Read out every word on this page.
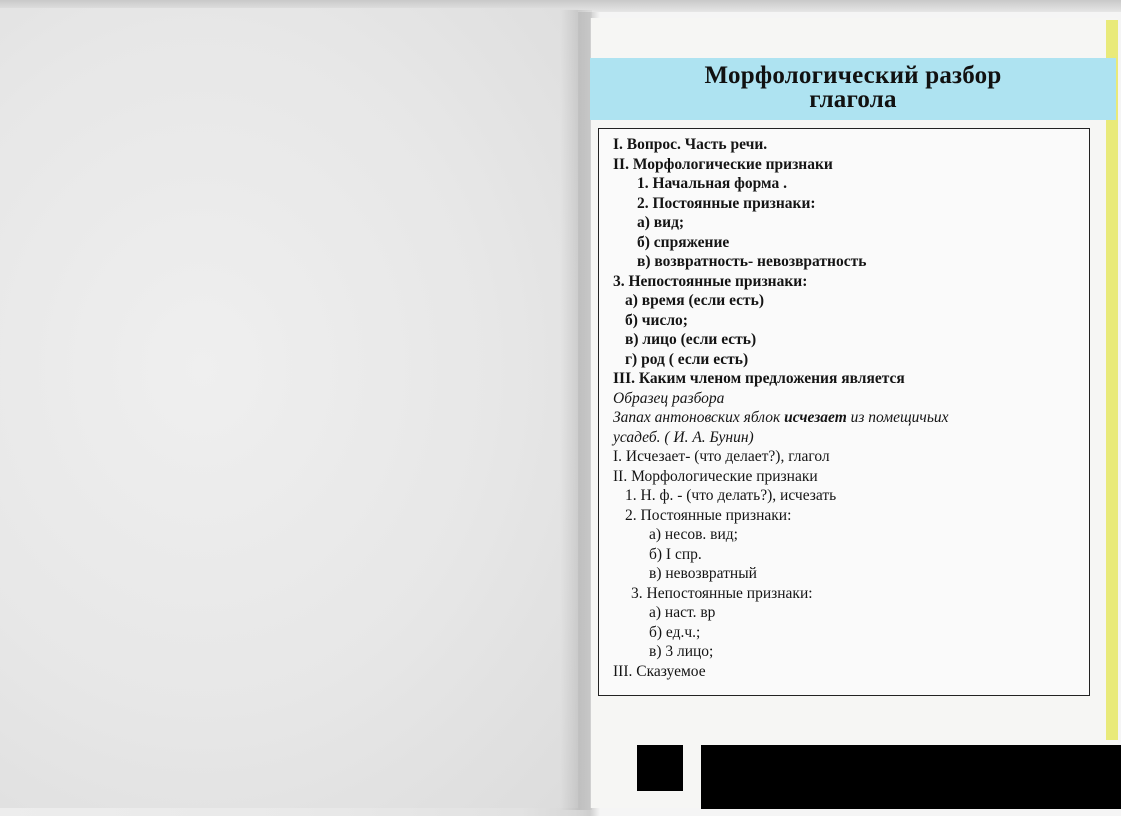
Морфологический разбор
глагола
I. Вопрос. Часть речи.
II. Морфологические признаки
1. Начальная форма .
2. Постоянные признаки:
а) вид;
б) спряжение
в) возвратность- невозвратность
3. Непостоянные признаки:
а) время (если есть)
б) число;
в) лицо (если есть)
г) род ( если есть)
III. Каким членом предложения является
Образец разбора
Запах антоновских яблок исчезает из помещичьих
усадеб. ( И. А. Бунин)
I. Исчезает- (что делает?), глагол
II. Морфологические признаки
1. Н. ф. - (что делать?), исчезать
2. Постоянные признаки:
а) несов. вид;
б) I спр.
в) невозвратный
3. Непостоянные признаки:
а) наст. вр
б) ед.ч.;
в) 3 лицо;
III. Сказуемое
